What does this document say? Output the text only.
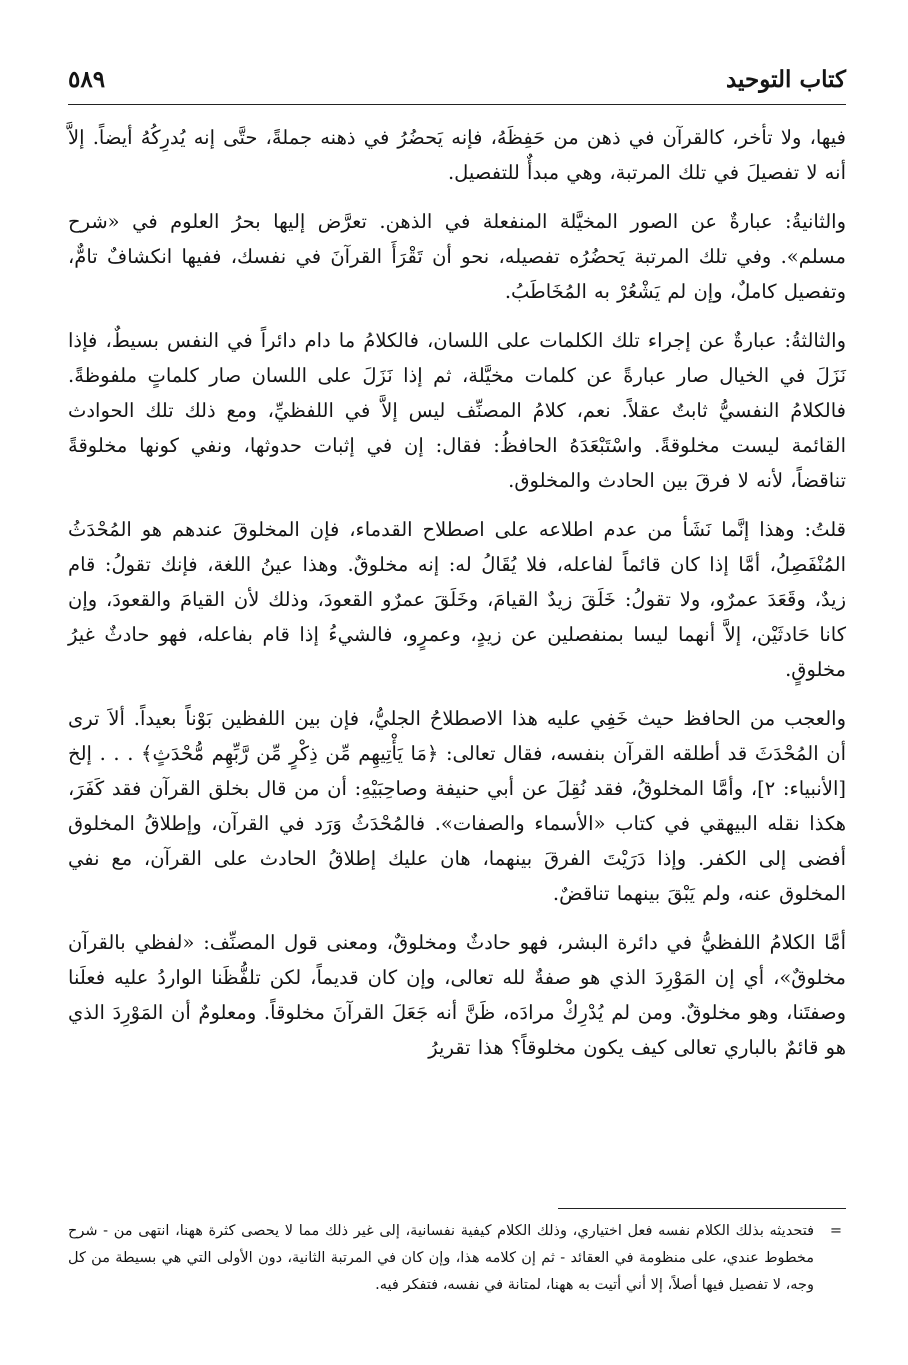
كتاب التوحيد
٥٨٩

فيها، ولا تأخر، كالقرآن في ذهن من حَفِظَهُ، فإنه يَحضُرُ في ذهنه جملةً، حتَّى إنه يُدرِكُهُ أيضاً. إلاَّ أنه لا تفصيلَ في تلك المرتبة، وهي مبدأٌ للتفصيل.

والثانيةُ: عبارةٌ عن الصور المخيَّلة المنفعلة في الذهن. تعرَّض إليها بحرُ العلوم في «شرح مسلم». وفي تلك المرتبة يَحضُرُه تفصيله، نحو أن تَقْرَأَ القرآنَ في نفسك، ففيها انكشافٌ تامٌّ، وتفصيل كاملٌ، وإن لم يَشْعُرْ به المُخَاطَبُ.

والثالثةُ: عبارةٌ عن إجراء تلك الكلمات على اللسان، فالكلامُ ما دام دائراً في النفس بسيطٌ، فإذا نَزَلَ في الخيال صار عبارةً عن كلمات مخيَّلة، ثم إذا نَزَلَ على اللسان صار كلماتٍ ملفوظةً. فالكلامُ النفسيُّ ثابتٌ عقلاً. نعم، كلامُ المصنِّف ليس إلاَّ في اللفظيِّ، ومع ذلك تلك الحوادث القائمة ليست مخلوقةً. واسْتَبْعَدَهُ الحافظُ: فقال: إن في إثبات حدوثها، ونفي كونها مخلوقةً تناقضاً، لأنه لا فرقَ بين الحادث والمخلوق.

قلتُ: وهذا إنَّما نَشَأ من عدم اطلاعه على اصطلاح القدماء، فإن المخلوقَ عندهم هو المُحْدَثُ المُنْفَصِلُ، أمَّا إذا كان قائماً لفاعله، فلا يُقَالُ له: إنه مخلوقٌ. وهذا عينُ اللغة، فإنك تقولُ: قام زيدٌ، وقَعَدَ عمرٌو، ولا تقولُ: خَلَقَ زيدٌ القيامَ، وخَلَقَ عمرٌو القعودَ، وذلك لأن القيامَ والقعودَ، وإن كانا حَادثَيْن، إلاَّ أنهما ليسا بمنفصلين عن زيدٍ، وعمرٍو، فالشيءُ إذا قام بفاعله، فهو حادثٌ غيرُ مخلوقٍ.

والعجب من الحافظ حيث خَفِي عليه هذا الاصطلاحُ الجليُّ، فإن بين اللفظين بَوْناً بعيداً. ألاَ ترى أن المُحْدَثَ قد أطلقه القرآن بنفسه، فقال تعالى: ﴿مَا يَأْتِيهِم مِّن ذِكْرٍ مِّن رَّبِّهِم مُّحْدَثٍ﴾ . . . إلخ [الأنبياء: ٢]، وأمَّا المخلوقُ، فقد نُقِلَ عن أبي حنيفة وصاحِبَيْهِ: أن من قال بخلق القرآن فقد كَفَرَ، هكذا نقله البيهقي في كتاب «الأسماء والصفات». فالمُحْدَثُ وَرَد في القرآن، وإطلاقُ المخلوق أفضى إلى الكفر. وإذا دَرَيْتَ الفرقَ بينهما، هان عليك إطلاقُ الحادث على القرآن، مع نفي المخلوق عنه، ولم يَبْقَ بينهما تناقضٌ.

أمَّا الكلامُ اللفظيُّ في دائرة البشر، فهو حادثٌ ومخلوقٌ، ومعنى قول المصنِّف: «لفظي بالقرآن مخلوقٌ»، أي إن المَوْرِدَ الذي هو صفةٌ لله تعالى، وإن كان قديماً، لكن تلفُّظَنا الواردُ عليه فعلَنا وصفتَنا، وهو مخلوقٌ. ومن لم يُدْرِكْ مرادَه، ظَنَّ أنه جَعَلَ القرآنَ مخلوقاً. ومعلومٌ أن المَوْرِدَ الذي هو قائمٌ بالباري تعالى كيف يكون مخلوقاً؟ هذا تقريرُ

=

فتحديثه بذلك الكلام نفسه فعل اختياري، وذلك الكلام كيفية نفسانية، إلى غير ذلك مما لا يحصى كثرة ههنا، انتهى من - شرح مخطوط عندي، على منظومة في العقائد - ثم إن كلامه هذا، وإن كان في المرتبة الثانية، دون الأولى التي هي بسيطة من كل وجه، لا تفصيل فيها أصلاً، إلا أني أتيت به ههنا، لمتانة في نفسه، فتفكر فيه.
